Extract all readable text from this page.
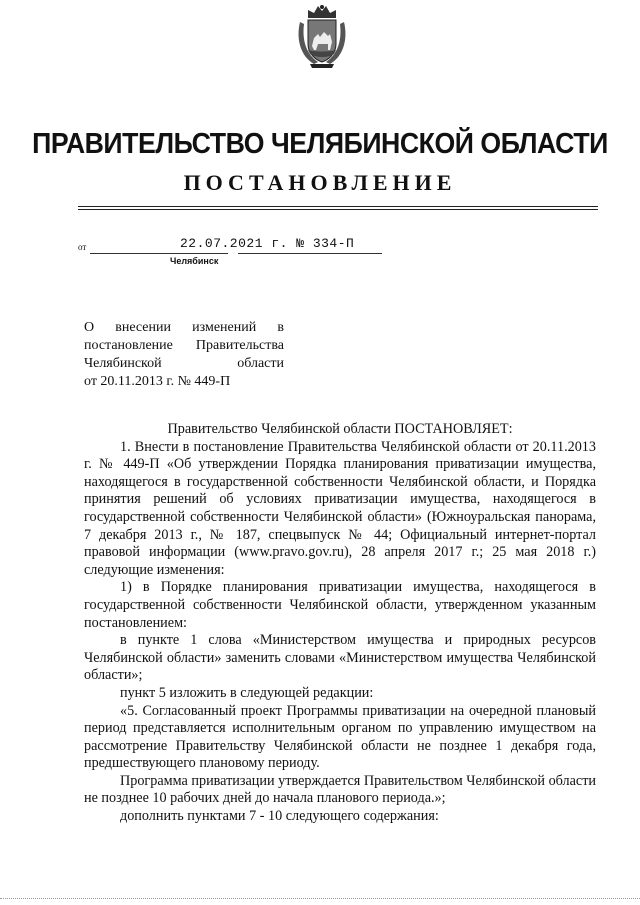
ПРАВИТЕЛЬСТВО ЧЕЛЯБИНСКОЙ ОБЛАСТИ
ПОСТАНОВЛЕНИЕ
от	22.07.2021 г. № 334-П
Челябинск
О внесении изменений в
постановление Правительства
Челябинской области
от 20.11.2013 г. № 449-П

Правительство Челябинской области ПОСТАНОВЛЯЕТ:

1. Внести в постановление Правительства Челябинской области от 20.11.2013 г. № 449-П «Об утверждении Порядка планирования приватизации имущества, находящегося в государственной собственности Челябинской области, и Порядка принятия решений об условиях приватизации имущества, находящегося в государственной собственности Челябинской области» (Южноуральская панорама, 7 декабря 2013 г., № 187, спецвыпуск № 44; Официальный интернет-портал правовой информации (www.pravo.gov.ru), 28 апреля 2017 г.; 25 мая 2018 г.) следующие изменения:

1) в Порядке планирования приватизации имущества, находящегося в государственной собственности Челябинской области, утвержденном указанным постановлением:

в пункте 1 слова «Министерством имущества и природных ресурсов Челябинской области» заменить словами «Министерством имущества Челябинской области»;

пункт 5 изложить в следующей редакции:

«5. Согласованный проект Программы приватизации на очередной плановый период представляется исполнительным органом по управлению имуществом на рассмотрение Правительству Челябинской области не позднее 1 декабря года, предшествующего плановому периоду.

Программа приватизации утверждается Правительством Челябинской области не позднее 10 рабочих дней до начала планового периода.»;

дополнить пунктами 7 - 10 следующего содержания:
